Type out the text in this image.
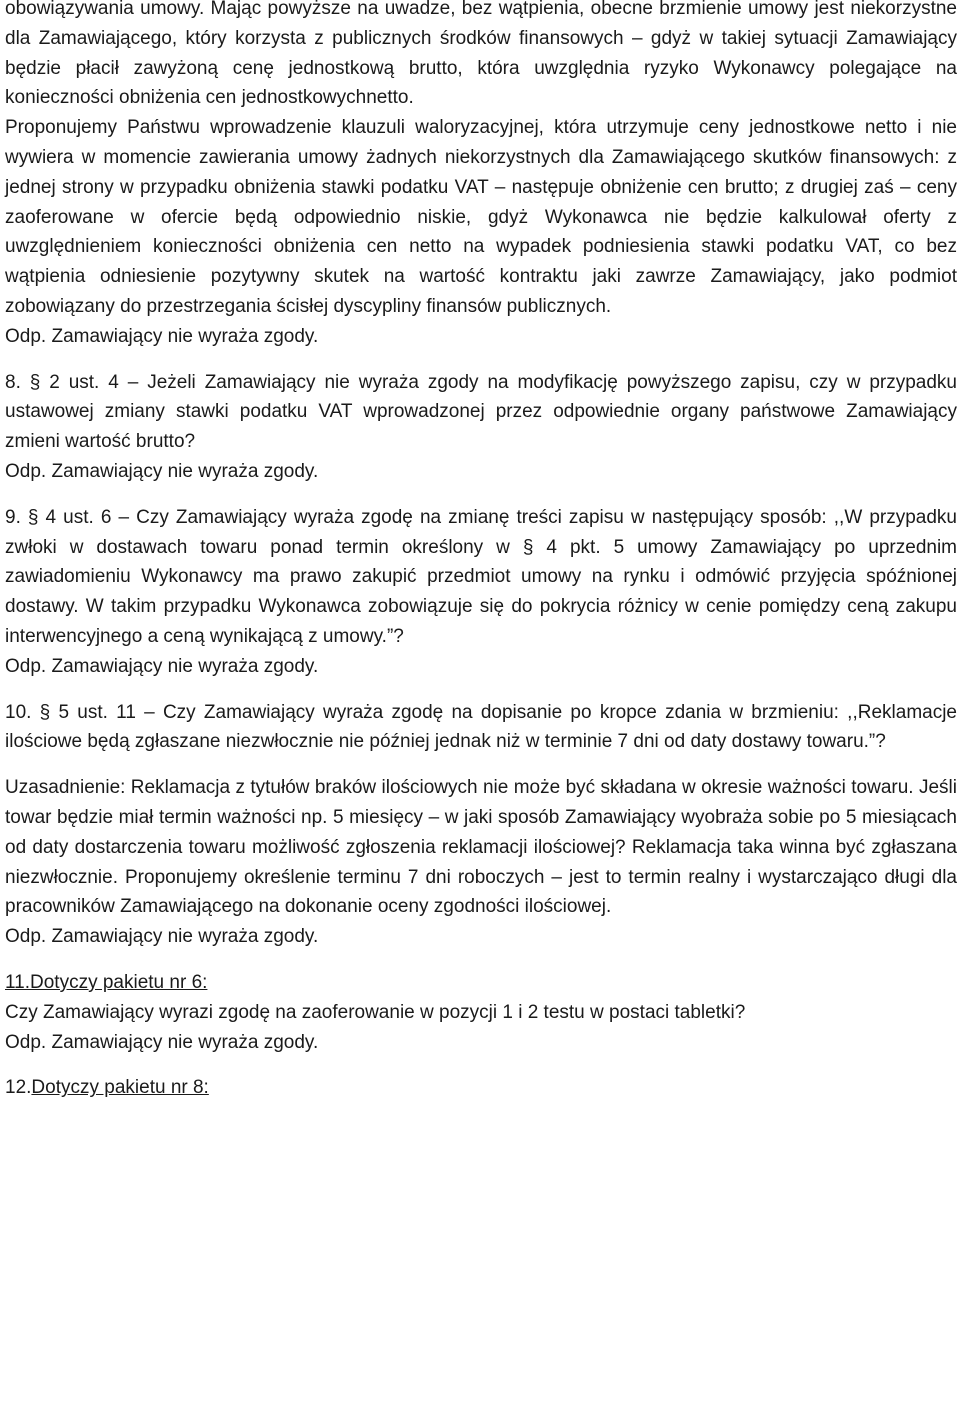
obowiązywania umowy. Mając powyższe na uwadze, bez wątpienia, obecne brzmienie umowy jest niekorzystne dla Zamawiającego, który korzysta z publicznych środków finansowych – gdyż w takiej sytuacji Zamawiający będzie płacił zawyżoną cenę jednostkową brutto, która uwzględnia ryzyko Wykonawcy polegające na konieczności obniżenia cen jednostkowychnetto.

Proponujemy Państwu wprowadzenie klauzuli waloryzacyjnej, która utrzymuje ceny jednostkowe netto i nie wywiera w momencie zawierania umowy żadnych niekorzystnych dla Zamawiającego skutków finansowych: z jednej strony w przypadku obniżenia stawki podatku VAT – następuje obniżenie cen brutto; z drugiej zaś – ceny zaoferowane w ofercie będą odpowiednio niskie, gdyż Wykonawca nie będzie kalkulował oferty z uwzględnieniem konieczności obniżenia cen netto na wypadek podniesienia stawki podatku VAT, co bez wątpienia odniesienie pozytywny skutek na wartość kontraktu jaki zawrze Zamawiający, jako podmiot zobowiązany do przestrzegania ścisłej dyscypliny finansów publicznych.

Odp. Zamawiający nie wyraża zgody.

8. § 2 ust. 4 – Jeżeli Zamawiający nie wyraża zgody na modyfikację powyższego zapisu, czy w przypadku ustawowej zmiany stawki podatku VAT wprowadzonej przez odpowiednie organy państwowe Zamawiający zmieni wartość brutto?

Odp. Zamawiający nie wyraża zgody.

9. § 4 ust. 6 – Czy Zamawiający wyraża zgodę na zmianę treści zapisu w następujący sposób: ,,W przypadku zwłoki w dostawach towaru ponad termin określony w § 4 pkt. 5 umowy Zamawiający po uprzednim zawiadomieniu Wykonawcy ma prawo zakupić przedmiot umowy na rynku i odmówić przyjęcia spóźnionej dostawy. W takim przypadku Wykonawca zobowiązuje się do pokrycia różnicy w cenie pomiędzy ceną zakupu interwencyjnego a ceną wynikającą z umowy.”?

Odp. Zamawiający nie wyraża zgody.

10. § 5 ust. 11 – Czy Zamawiający wyraża zgodę na dopisanie po kropce zdania w brzmieniu: ,,Reklamacje ilościowe będą zgłaszane niezwłocznie nie później jednak niż w terminie 7 dni od daty dostawy towaru.”?

Uzasadnienie: Reklamacja z tytułów braków ilościowych nie może być składana w okresie ważności towaru. Jeśli towar będzie miał termin ważności np. 5 miesięcy – w jaki sposób Zamawiający wyobraża sobie po 5 miesiącach od daty dostarczenia towaru możliwość zgłoszenia reklamacji ilościowej? Reklamacja taka winna być zgłaszana niezwłocznie. Proponujemy określenie terminu 7 dni roboczych – jest to termin realny i wystarczająco długi dla pracowników Zamawiającego na dokonanie oceny zgodności ilościowej.

Odp. Zamawiający nie wyraża zgody.

11.Dotyczy pakietu nr 6:

Czy Zamawiający wyrazi zgodę na zaoferowanie w pozycji 1 i 2 testu w postaci tabletki?

Odp. Zamawiający nie wyraża zgody.

12.Dotyczy pakietu nr 8:
